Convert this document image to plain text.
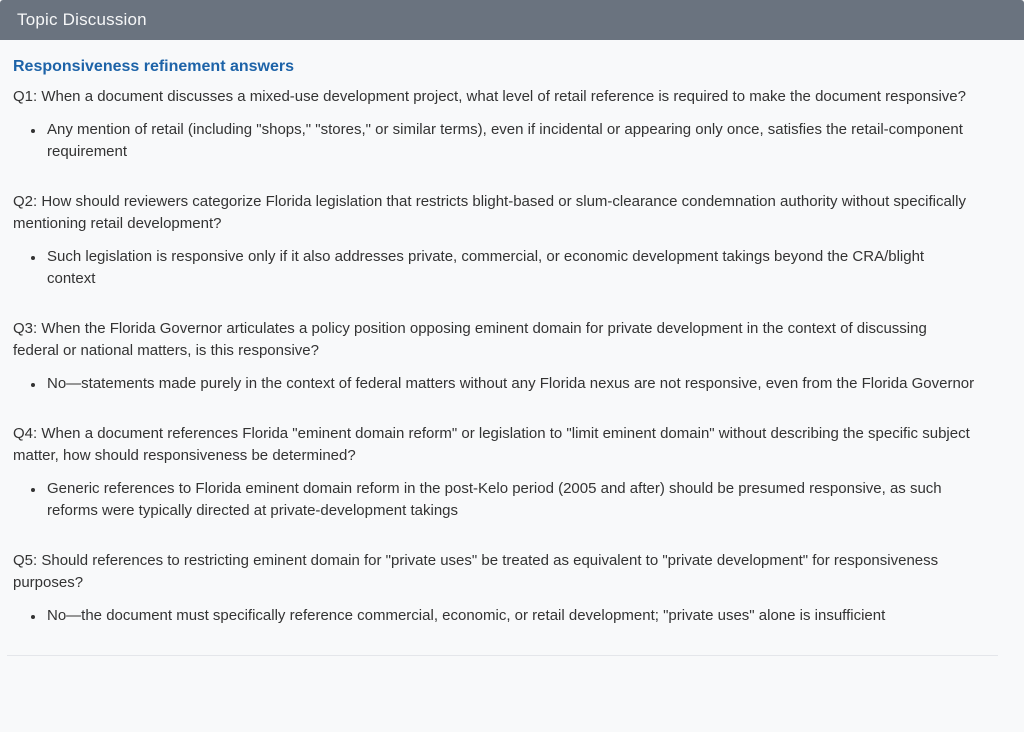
Topic Discussion
Responsiveness refinement answers

Q1: When a document discusses a mixed-use development project, what level of retail reference is required to make the document responsive?

• Any mention of retail (including "shops," "stores," or similar terms), even if incidental or appearing only once, satisfies the retail-component requirement

Q2: How should reviewers categorize Florida legislation that restricts blight-based or slum-clearance condemnation authority without specifically mentioning retail development?

• Such legislation is responsive only if it also addresses private, commercial, or economic development takings beyond the CRA/blight context

Q3: When the Florida Governor articulates a policy position opposing eminent domain for private development in the context of discussing federal or national matters, is this responsive?

• No—statements made purely in the context of federal matters without any Florida nexus are not responsive, even from the Florida Governor

Q4: When a document references Florida "eminent domain reform" or legislation to "limit eminent domain" without describing the specific subject matter, how should responsiveness be determined?

• Generic references to Florida eminent domain reform in the post-Kelo period (2005 and after) should be presumed responsive, as such reforms were typically directed at private-development takings

Q5: Should references to restricting eminent domain for "private uses" be treated as equivalent to "private development" for responsiveness purposes?

• No—the document must specifically reference commercial, economic, or retail development; "private uses" alone is insufficient
